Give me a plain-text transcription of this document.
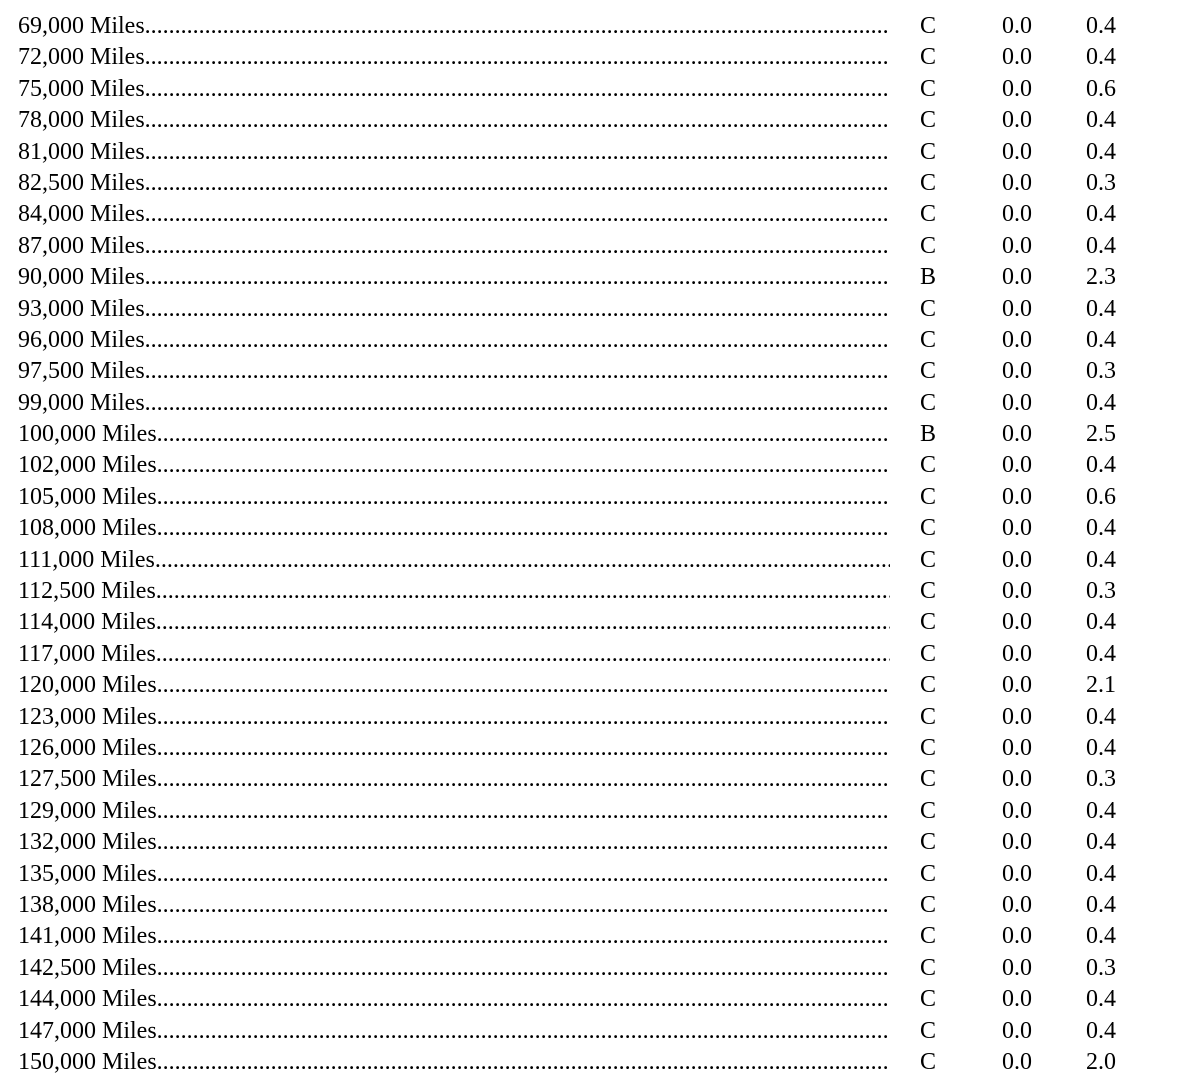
69,000 Miles .....	C	0.0	0.4
72,000 Miles .....	C	0.0	0.4
75,000 Miles .....	C	0.0	0.6
78,000 Miles .....	C	0.0	0.4
81,000 Miles .....	C	0.0	0.4
82,500 Miles .....	C	0.0	0.3
84,000 Miles .....	C	0.0	0.4
87,000 Miles .....	C	0.0	0.4
90,000 Miles .....	B	0.0	2.3
93,000 Miles .....	C	0.0	0.4
96,000 Miles .....	C	0.0	0.4
97,500 Miles .....	C	0.0	0.3
99,000 Miles .....	C	0.0	0.4
100,000 Miles .....	B	0.0	2.5
102,000 Miles .....	C	0.0	0.4
105,000 Miles .....	C	0.0	0.6
108,000 Miles .....	C	0.0	0.4
111,000 Miles .....	C	0.0	0.4
112,500 Miles .....	C	0.0	0.3
114,000 Miles .....	C	0.0	0.4
117,000 Miles .....	C	0.0	0.4
120,000 Miles .....	C	0.0	2.1
123,000 Miles .....	C	0.0	0.4
126,000 Miles .....	C	0.0	0.4
127,500 Miles .....	C	0.0	0.3
129,000 Miles .....	C	0.0	0.4
132,000 Miles .....	C	0.0	0.4
135,000 Miles .....	C	0.0	0.4
138,000 Miles .....	C	0.0	0.4
141,000 Miles .....	C	0.0	0.4
142,500 Miles .....	C	0.0	0.3
144,000 Miles .....	C	0.0	0.4
147,000 Miles .....	C	0.0	0.4
150,000 Miles .....	C	0.0	2.0
